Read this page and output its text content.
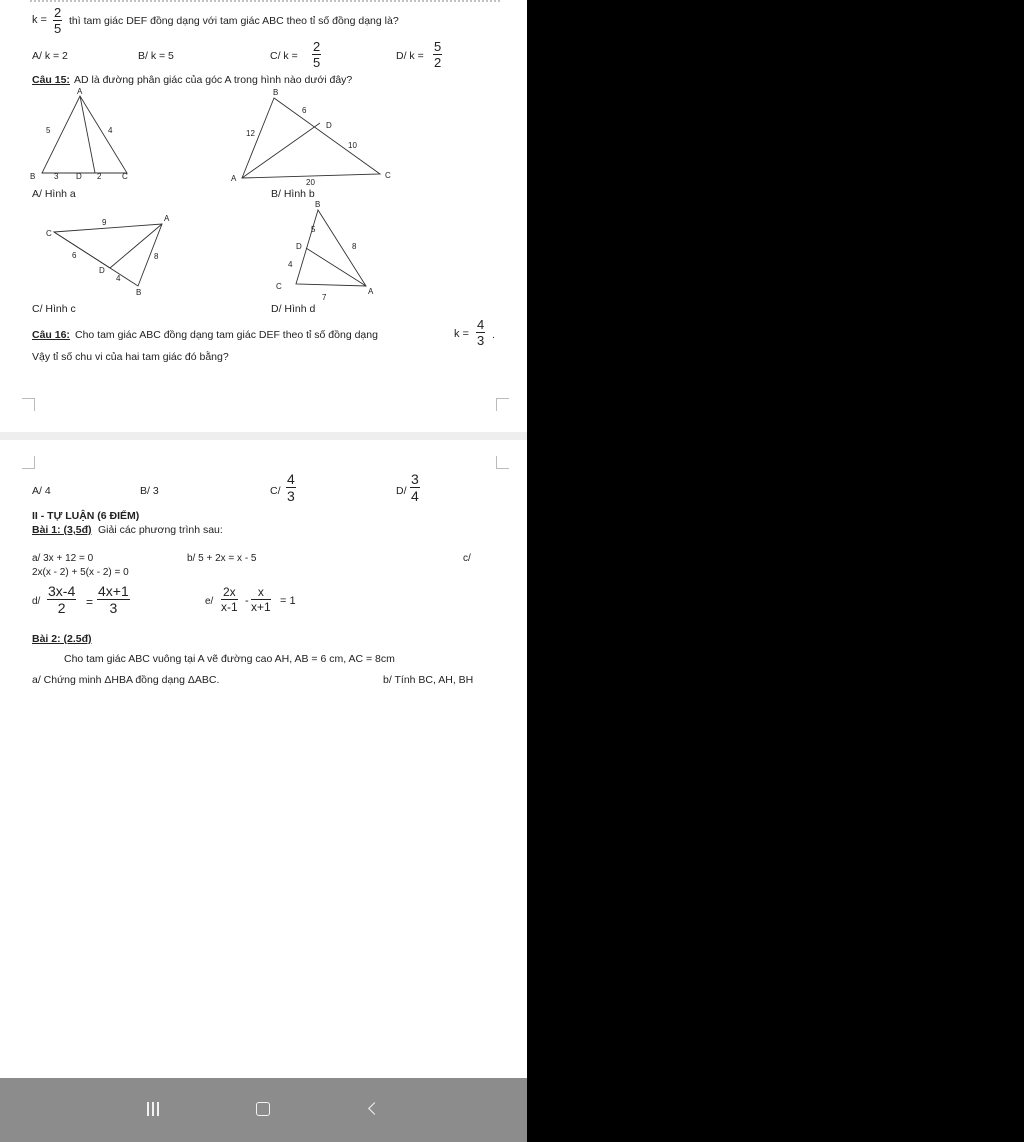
$k = \frac{2}{5}$ thì tam giác DEF đồng dạng với tam giác ABC theo tỉ số đồng dạng là?
A/ k = 2	B/ k = 5	C/ $k = \frac{2}{5}$	D/ $k = \frac{5}{2}$
Câu 15: AD là đường phân giác của góc A trong hình nào dưới đây?
A
5	4
B 3 D 2	C
B
6
D
10
12
A	20
C
A/ Hình a	B/ Hình b
C
9	A
6	8
D
4
B
B
5
D	8
4
C
7
A
C/ Hình c	D/ Hình d
Câu 16: Cho tam giác ABC đồng dạng tam giác DEF theo tỉ số đồng dạng	$k = \frac{4}{3}$ .
Vậy tỉ số chu vi của hai tam giác đó bằng?
A/ 4	B/ 3	$C/ \frac{4}{3}$	$D/ \frac{3}{4}$
II - TỰ LUẬN (6 ĐIỂM)
Bài 1: (3,5đ) Giải các phương trình sau:
a/ 3x + 12 = 0	b/ 5 + 2x = x - 5	c/
2x(x - 2) + 5(x - 2) = 0
$d/ \frac{3x-4}{2} = \frac{4x+1}{3}$	$e/ \frac{2x}{x-1} - \frac{x}{x+1} = 1$
Bài 2: (2.5đ)
Cho tam giác ABC vuông tại A vẽ đường cao AH, AB = 6 cm, AC = 8cm
a/ Chứng minh ΔHBA đồng dạng ΔABC.	b/ Tính BC, AH, BH
